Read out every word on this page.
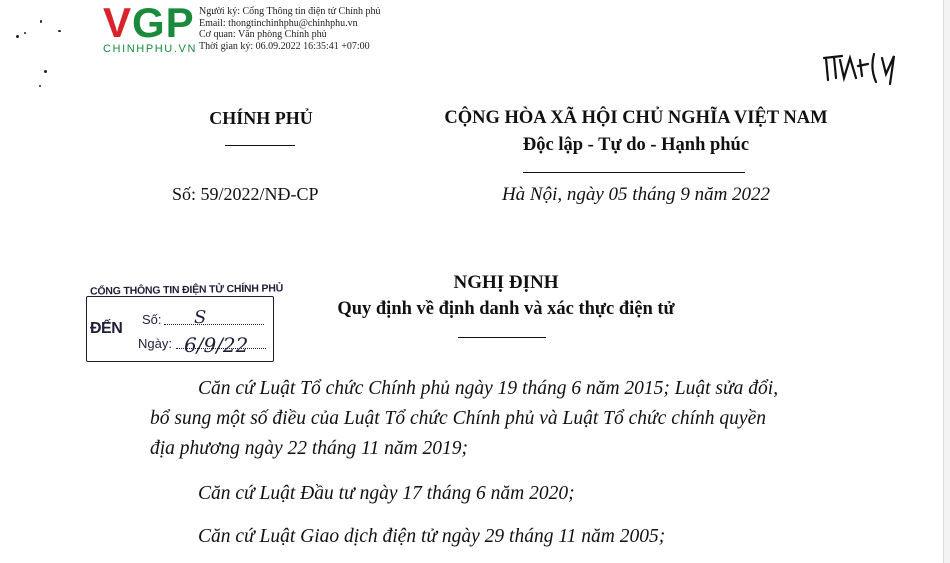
VGP
CHINHPHU.VN
Người ký: Cổng Thông tin điện tử Chính phủ
Email: thongtinchinhphu@chinhphu.vn
Cơ quan: Văn phòng Chính phủ
Thời gian ký: 06.09.2022 16:35:41 +07:00
CHÍNH PHỦ
Số: 59/2022/NĐ-CP
CỘNG HÒA XÃ HỘI CHỦ NGHĨA VIỆT NAM
Độc lập - Tự do - Hạnh phúc
Hà Nội, ngày 05 tháng 9 năm 2022
CỔNG THÔNG TIN ĐIỆN TỬ CHÍNH PHỦ
ĐẾN
Số:
Ngày:
S
6/9/22
NGHỊ ĐỊNH
Quy định về định danh và xác thực điện tử
Căn cứ Luật Tổ chức Chính phủ ngày 19 tháng 6 năm 2015; Luật sửa đổi,
bổ sung một số điều của Luật Tổ chức Chính phủ và Luật Tổ chức chính quyền
địa phương ngày 22 tháng 11 năm 2019;
Căn cứ Luật Đầu tư ngày 17 tháng 6 năm 2020;
Căn cứ Luật Giao dịch điện tử ngày 29 tháng 11 năm 2005;
